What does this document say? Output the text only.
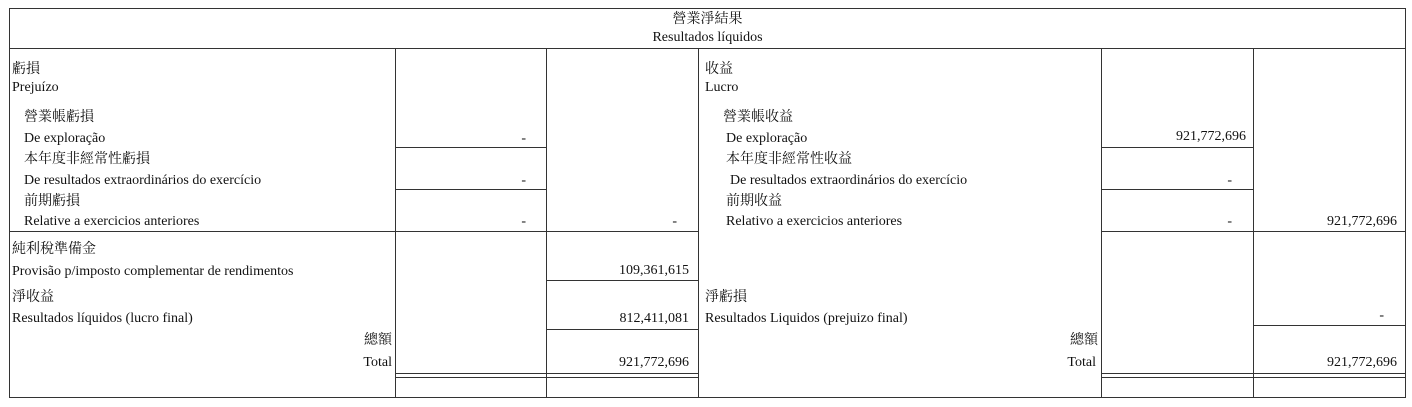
營業淨結果
Resultados líquidos
虧損
Prejuízo
營業帳虧損
De exploração	-
本年度非經常性虧損
De resultados extraordinários do exercício	-
前期虧損
Relative a exercicios anteriores	-	-
純利稅準備金
Provisão p/imposto complementar de rendimentos	109,361,615
淨收益
Resultados líquidos (lucro final)	812,411,081
總額
Total	921,772,696
收益
Lucro
營業帳收益
De exploração	921,772,696
本年度非經常性收益
De resultados extraordinários do exercício	-
前期收益
Relativo a exercicios anteriores	-	921,772,696
淨虧損
Resultados Liquidos (prejuizo final)	-
總額
Total	921,772,696
